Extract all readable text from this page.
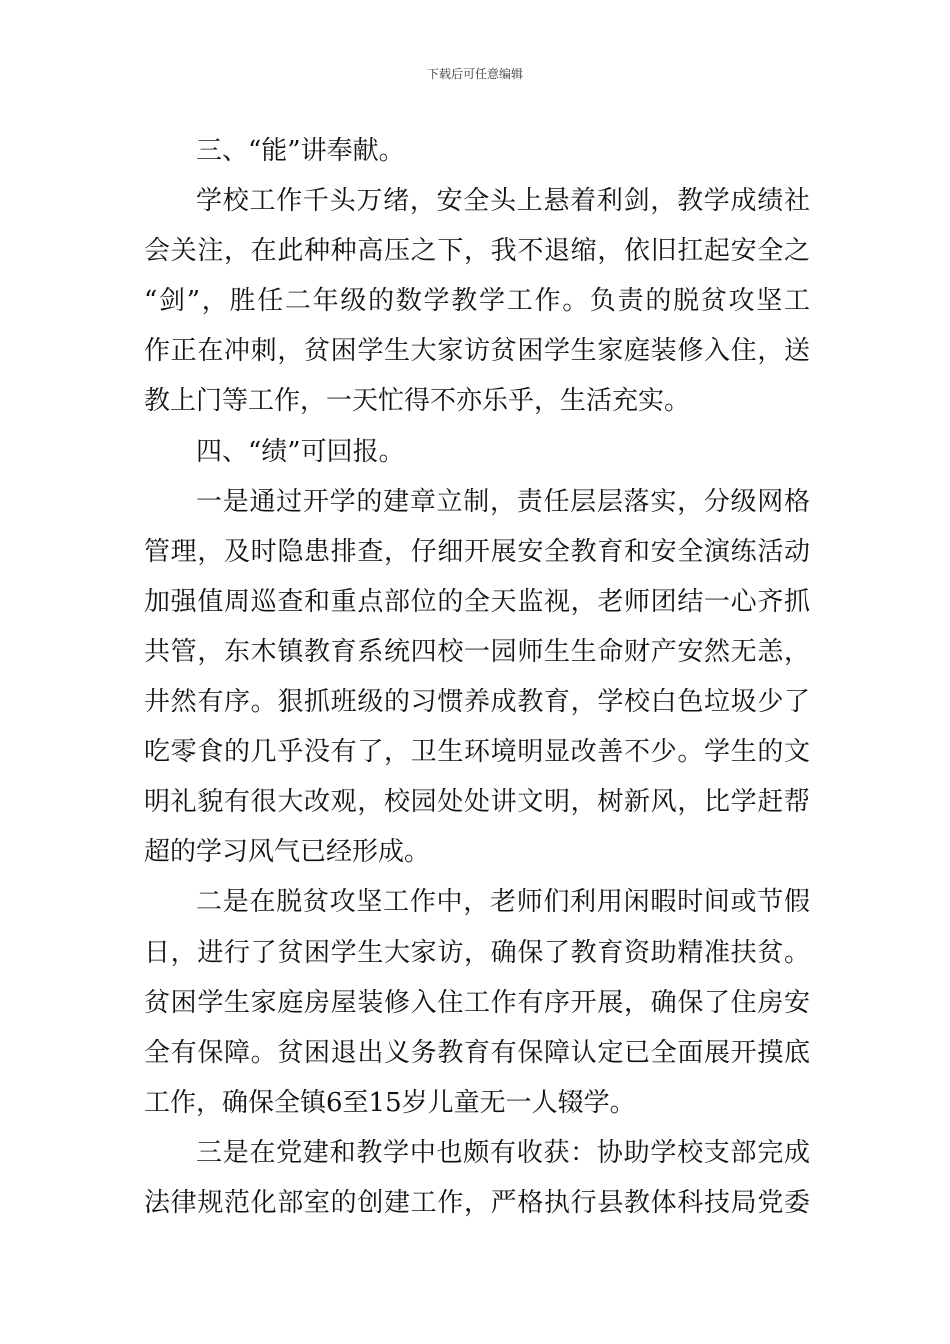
下载后可任意编辑
三、“能”讲奉献。
学校工作千头万绪，安全头上悬着利剑，教学成绩社
会关注，在此种种高压之下，我不退缩，依旧扛起安全之
“剑”，胜任二年级的数学教学工作。负责的脱贫攻坚工
作正在冲刺，贫困学生大家访贫困学生家庭装修入住，送
教上门等工作，一天忙得不亦乐乎，生活充实。
四、“绩”可回报。
一是通过开学的建章立制，责任层层落实，分级网格
管理，及时隐患排查，仔细开展安全教育和安全演练活动
加强值周巡查和重点部位的全天监视，老师团结一心齐抓
共管，东木镇教育系统四校一园师生生命财产安然无恙，
井然有序。狠抓班级的习惯养成教育，学校白色垃圾少了
吃零食的几乎没有了，卫生环境明显改善不少。学生的文
明礼貌有很大改观，校园处处讲文明，树新风，比学赶帮
超的学习风气已经形成。
二是在脱贫攻坚工作中，老师们利用闲暇时间或节假
日，进行了贫困学生大家访，确保了教育资助精准扶贫。
贫困学生家庭房屋装修入住工作有序开展，确保了住房安
全有保障。贫困退出义务教育有保障认定已全面展开摸底
工作，确保全镇6至15岁儿童无一人辍学。
三是在党建和教学中也颇有收获：协助学校支部完成
法律规范化部室的创建工作，严格执行县教体科技局党委
